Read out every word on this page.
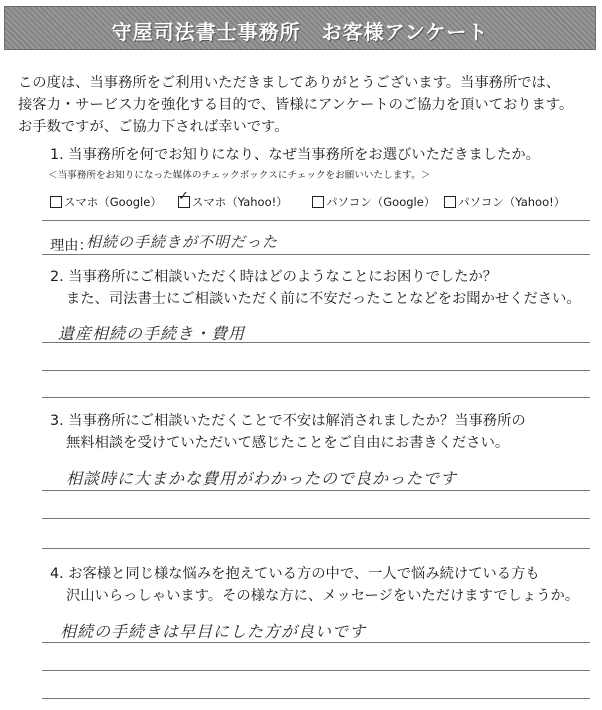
守屋司法書士事務所　お客様アンケート
この度は、当事務所をご利用いただきましてありがとうございます。当事務所では、
接客力・サービス力を強化する目的で、皆様にアンケートのご協力を頂いております。
お手数ですが、ご協力下されば幸いです。
1. 当事務所を何でお知りになり、なぜ当事務所をお選びいただきましたか。
＜当事務所をお知りになった媒体のチェックボックスにチェックをお願いいたします。＞
スマホ（Google） ✓ スマホ（Yahoo!）	パソコン（Google） パソコン（Yahoo!）
理由：
相続の手続きが不明だった
2. 当事務所にご相談いただく時はどのようなことにお困りでしたか？
また、司法書士にご相談いただく前に不安だったことなどをお聞かせください。
遺産相続の手続き・費用
3. 当事務所にご相談いただくことで不安は解消されましたか？当事務所の
無料相談を受けていただいて感じたことをご自由にお書きください。
相談時に大まかな費用がわかったので良かったです
4. お客様と同じ様な悩みを抱えている方の中で、一人で悩み続けている方も
沢山いらっしゃいます。その様な方に、メッセージをいただけますでしょうか。
相続の手続きは早目にした方が良いです
